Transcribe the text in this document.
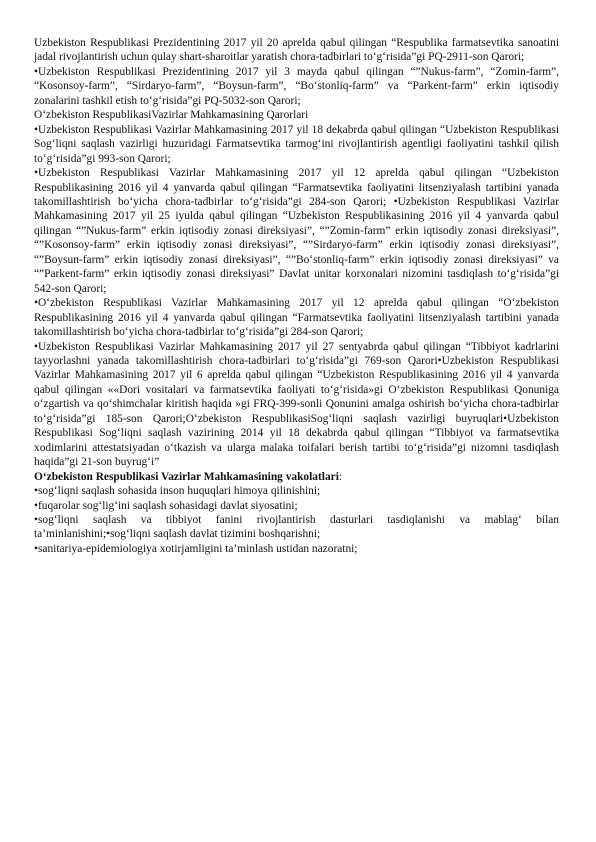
Uzbekiston Respublikasi Prezidentining 2017 yil 20 aprelda qabul qilingan “Respublika farmatsevtika sanoatini jadal rivojlantirish uchun qulay shart-sharoitlar yaratish chora-tadbirlari to‘g‘risida”gi PQ-2911-son Qarori;

•Uzbekiston Respublikasi Prezidentining 2017 yil 3 mayda qabul qilingan “”Nukus-farm”, “Zomin-farm”, “Kosonsoy-farm”, “Sirdaryo-farm”, “Boysun-farm”, “Bo‘stonliq-farm” va “Parkent-farm” erkin iqtisodiy zonalarini tashkil etish to‘g‘risida”gi PQ-5032-son Qarori;

O‘zbekiston RespublikasiVazirlar Mahkamasining Qarorlari

•Uzbekiston Respublikasi Vazirlar Mahkamasining 2017 yil 18 dekabrda qabul qilingan “Uzbekiston Respublikasi Sog‘liqni saqlash vazirligi huzuridagi Farmatsevtika tarmog‘ini rivojlantirish agentligi faoliyatini tashkil qilish to‘g‘risida”gi 993-son Qarori;

•Uzbekiston Respublikasi Vazirlar Mahkamasining 2017 yil 12 aprelda qabul qilingan “Uzbekiston Respublikasining 2016 yil 4 yanvarda qabul qilingan “Farmatsevtika faoliyatini litsenziyalash tartibini yanada takomillashtirish bo‘yicha chora-tadbirlar to‘g‘risida”gi 284-son Qarori; •Uzbekiston Respublikasi Vazirlar Mahkamasining 2017 yil 25 iyulda qabul qilingan “Uzbekiston Respublikasining 2016 yil 4 yanvarda qabul qilingan “”Nukus-farm” erkin iqtisodiy zonasi direksiyasi”, “”Zomin-farm” erkin iqtisodiy zonasi direksiyasi”, “”Kosonsoy-farm” erkin iqtisodiy zonasi direksiyasi”, “”Sirdaryo-farm” erkin iqtisodiy zonasi direksiyasi”, “”Boysun-farm” erkin iqtisodiy zonasi direksiyasi”, “”Bo‘stonliq-farm” erkin iqtisodiy zonasi direksiyasi” va “”Parkent-farm” erkin iqtisodiy zonasi direksiyasi” Davlat unitar korxonalari nizomini tasdiqlash to‘g‘risida”gi 542-son Qarori;

•O‘zbekiston Respublikasi Vazirlar Mahkamasining 2017 yil 12 aprelda qabul qilingan “O‘zbekiston Respublikasining 2016 yil 4 yanvarda qabul qilingan “Farmatsevtika faoliyatini litsenziyalash tartibini yanada takomillashtirish bo‘yicha chora-tadbirlar to‘g‘risida”gi 284-son Qarori;

•Uzbekiston Respublikasi Vazirlar Mahkamasining 2017 yil 27 sentyabrda qabul qilingan “Tibbiyot kadrlarini tayyorlashni yanada takomillashtirish chora-tadbirlari to‘g‘risida”gi 769-son Qarori•Uzbekiston Respublikasi Vazirlar Mahkamasining 2017 yil 6 aprelda qabul qilingan “Uzbekiston Respublikasining 2016 yil 4 yanvarda qabul qilingan ««Dori vositalari va farmatsevtika faoliyati to‘g‘risida»gi O‘zbekiston Respublikasi Qonuniga o‘zgartish va qo‘shimchalar kiritish haqida »gi FRQ-399-sonli Qonunini amalga oshirish bo‘yicha chora-tadbirlar to‘g‘risida”gi 185-son Qarori;O‘zbekiston RespublikasiSog‘liqni saqlash vazirligi buyruqlari•Uzbekiston Respublikasi Sog‘liqni saqlash vazirining 2014 yil 18 dekabrda qabul qilingan “Tibbiyot va farmatsevtika xodimlarini attestatsiyadan o‘tkazish va ularga malaka toifalari berish tartibi to‘g‘risida”gi nizomni tasdiqlash haqida”gi 21-son buyrug‘i”

O‘zbekiston Respublikasi Vazirlar Mahkamasining vakolatlari:

•sog‘liqni saqlash sohasida inson huquqlari himoya qilinishini;

•fuqarolar sog‘lig‘ini saqlash sohasidagi davlat siyosatini;

•sog‘liqni saqlash va tibbiyot fanini rivojlantirish dasturlari tasdiqlanishi va mablag‘ bilan ta’minlanishini;•sog‘liqni saqlash davlat tizimini boshqarishni;

•sanitariya-epidemiologiya xotirjamligini ta’minlash ustidan nazoratni;
